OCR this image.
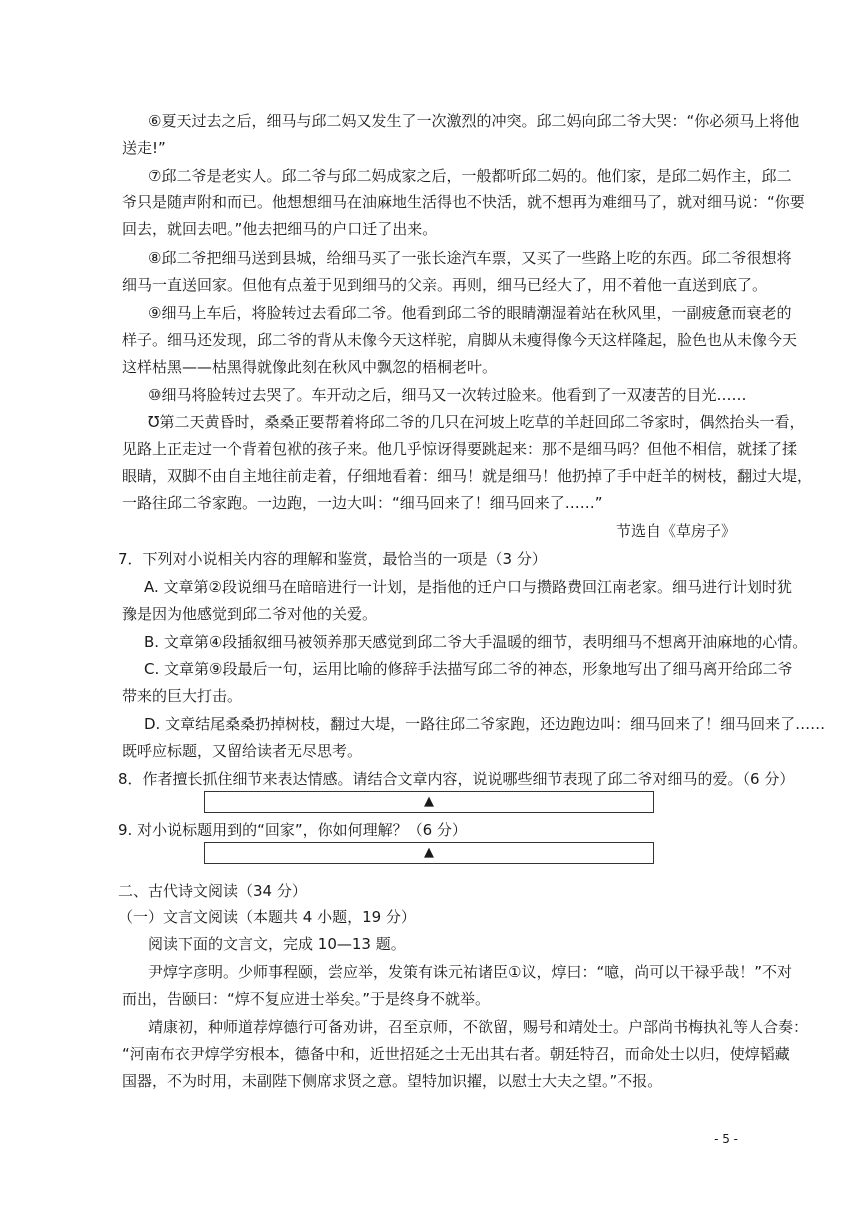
⑥夏天过去之后，细马与邱二妈又发生了一次激烈的冲突。邱二妈向邱二爷大哭：“你必须马上将他
送走!”
⑦邱二爷是老实人。邱二爷与邱二妈成家之后，一般都听邱二妈的。他们家，是邱二妈作主，邱二
爷只是随声附和而已。他想想细马在油麻地生活得也不快活，就不想再为难细马了，就对细马说：“你要
回去，就回去吧。”他去把细马的户口迁了出来。
⑧邱二爷把细马送到县城，给细马买了一张长途汽车票，又买了一些路上吃的东西。邱二爷很想将
细马一直送回家。但他有点羞于见到细马的父亲。再则，细马已经大了，用不着他一直送到底了。
⑨细马上车后，将脸转过去看邱二爷。他看到邱二爷的眼睛潮湿着站在秋风里，一副疲惫而衰老的
样子。细马还发现，邱二爷的背从未像今天这样驼，肩脚从未瘦得像今天这样隆起，脸色也从未像今天
这样枯黑——枯黑得就像此刻在秋风中飘忽的梧桐老叶。
⑩细马将脸转过去哭了。车开动之后，细马又一次转过脸来。他看到了一双凄苦的目光……
Ʊ第二天黄昏时，桑桑正要帮着将邱二爷的几只在河坡上吃草的羊赶回邱二爷家时，偶然抬头一看，
见路上正走过一个背着包袱的孩子来。他几乎惊讶得要跳起来：那不是细马吗？但他不相信，就揉了揉
眼睛，双脚不由自主地往前走着，仔细地看着：细马！就是细马！他扔掉了手中赶羊的树枝，翻过大堤，
一路往邱二爷家跑。一边跑，一边大叫：“细马回来了！细马回来了……”
节选自《草房子》
7．下列对小说相关内容的理解和鉴赏，最恰当的一项是（3 分）
A. 文章第②段说细马在暗暗进行一计划，是指他的迁户口与攒路费回江南老家。细马进行计划时犹
豫是因为他感觉到邱二爷对他的关爱。
B. 文章第④段插叙细马被领养那天感觉到邱二爷大手温暖的细节，表明细马不想离开油麻地的心情。
C. 文章第⑨段最后一句，运用比喻的修辞手法描写邱二爷的神态，形象地写出了细马离开给邱二爷
带来的巨大打击。
D. 文章结尾桑桑扔掉树枝，翻过大堤，一路往邱二爷家跑，还边跑边叫：细马回来了！细马回来了……
既呼应标题，又留给读者无尽思考。
8．作者擅长抓住细节来表达情感。请结合文章内容，说说哪些细节表现了邱二爷对细马的爱。（6 分）
▲
9. 对小说标题用到的“回家”，你如何理解？（6 分）
▲
二、古代诗文阅读（34 分）
（一）文言文阅读（本题共 4 小题，19 分）
阅读下面的文言文，完成 10—13 题。
尹焞字彦明。少师事程颐，尝应举，发策有诛元祐诸臣①议，焞曰：“噫，尚可以干禄乎哉！”不对
而出，告颐曰：“焞不复应进士举矣。”于是终身不就举。
靖康初，种师道荐焞德行可备劝讲，召至京师，不欲留，赐号和靖处士。户部尚书梅执礼等人合奏：
“河南布衣尹焞学穷根本，德备中和，近世招延之士无出其右者。朝廷特召，而命处士以归，使焞韬藏
国器，不为时用，未副陛下侧席求贤之意。望特加识擢，以慰士大夫之望。”不报。
- 5 -
